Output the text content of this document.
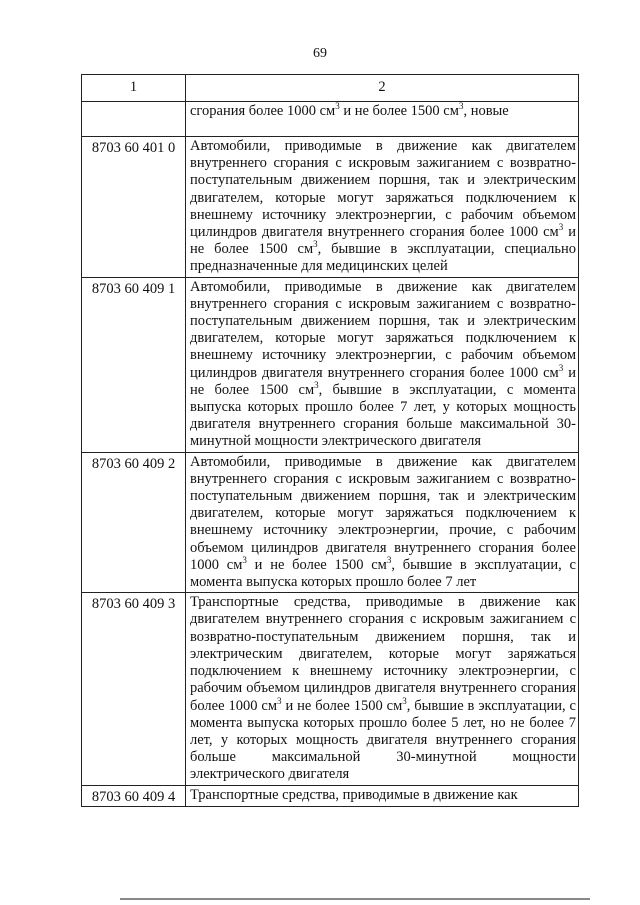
69
1	2
	сгорания более 1000 $см^3$ и не более 1500 $см^3$, новые
8703 60 401 0	Автомобили, приводимые в движение как двигателем внутреннего сгорания с искровым зажиганием с возвратно-поступательным движением поршня, так и электрическим двигателем, которые могут заряжаться подключением к внешнему источнику электроэнергии, с рабочим объемом цилиндров двигателя внутреннего сгорания более 1000 $см^3$ и не более 1500 $см^3$, бывшие в эксплуатации, специально предназначенные для медицинских целей
8703 60 409 1	Автомобили, приводимые в движение как двигателем внутреннего сгорания с искровым зажиганием с возвратно-поступательным движением поршня, так и электрическим двигателем, которые могут заряжаться подключением к внешнему источнику электроэнергии, с рабочим объемом цилиндров двигателя внутреннего сгорания более 1000 $см^3$ и не более 1500 $см^3$, бывшие в эксплуатации, с момента выпуска которых прошло более 7 лет, у которых мощность двигателя внутреннего сгорания больше максимальной 30-минутной мощности электрического двигателя
8703 60 409 2	Автомобили, приводимые в движение как двигателем внутреннего сгорания с искровым зажиганием с возвратно-поступательным движением поршня, так и электрическим двигателем, которые могут заряжаться подключением к внешнему источнику электроэнергии, прочие, с рабочим объемом цилиндров двигателя внутреннего сгорания более 1000 $см^3$ и не более 1500 $см^3$, бывшие в эксплуатации, с момента выпуска которых прошло более 7 лет
8703 60 409 3	Транспортные средства, приводимые в движение как двигателем внутреннего сгорания с искровым зажиганием с возвратно-поступательным движением поршня, так и электрическим двигателем, которые могут заряжаться подключением к внешнему источнику электроэнергии, с рабочим объемом цилиндров двигателя внутреннего сгорания более 1000 $см^3$ и не более 1500 $см^3$, бывшие в эксплуатации, с момента выпуска которых прошло более 5 лет, но не более 7 лет, у которых мощность двигателя внутреннего сгорания больше максимальной 30-минутной мощности электрического двигателя
8703 60 409 4	Транспортные средства, приводимые в движение как
